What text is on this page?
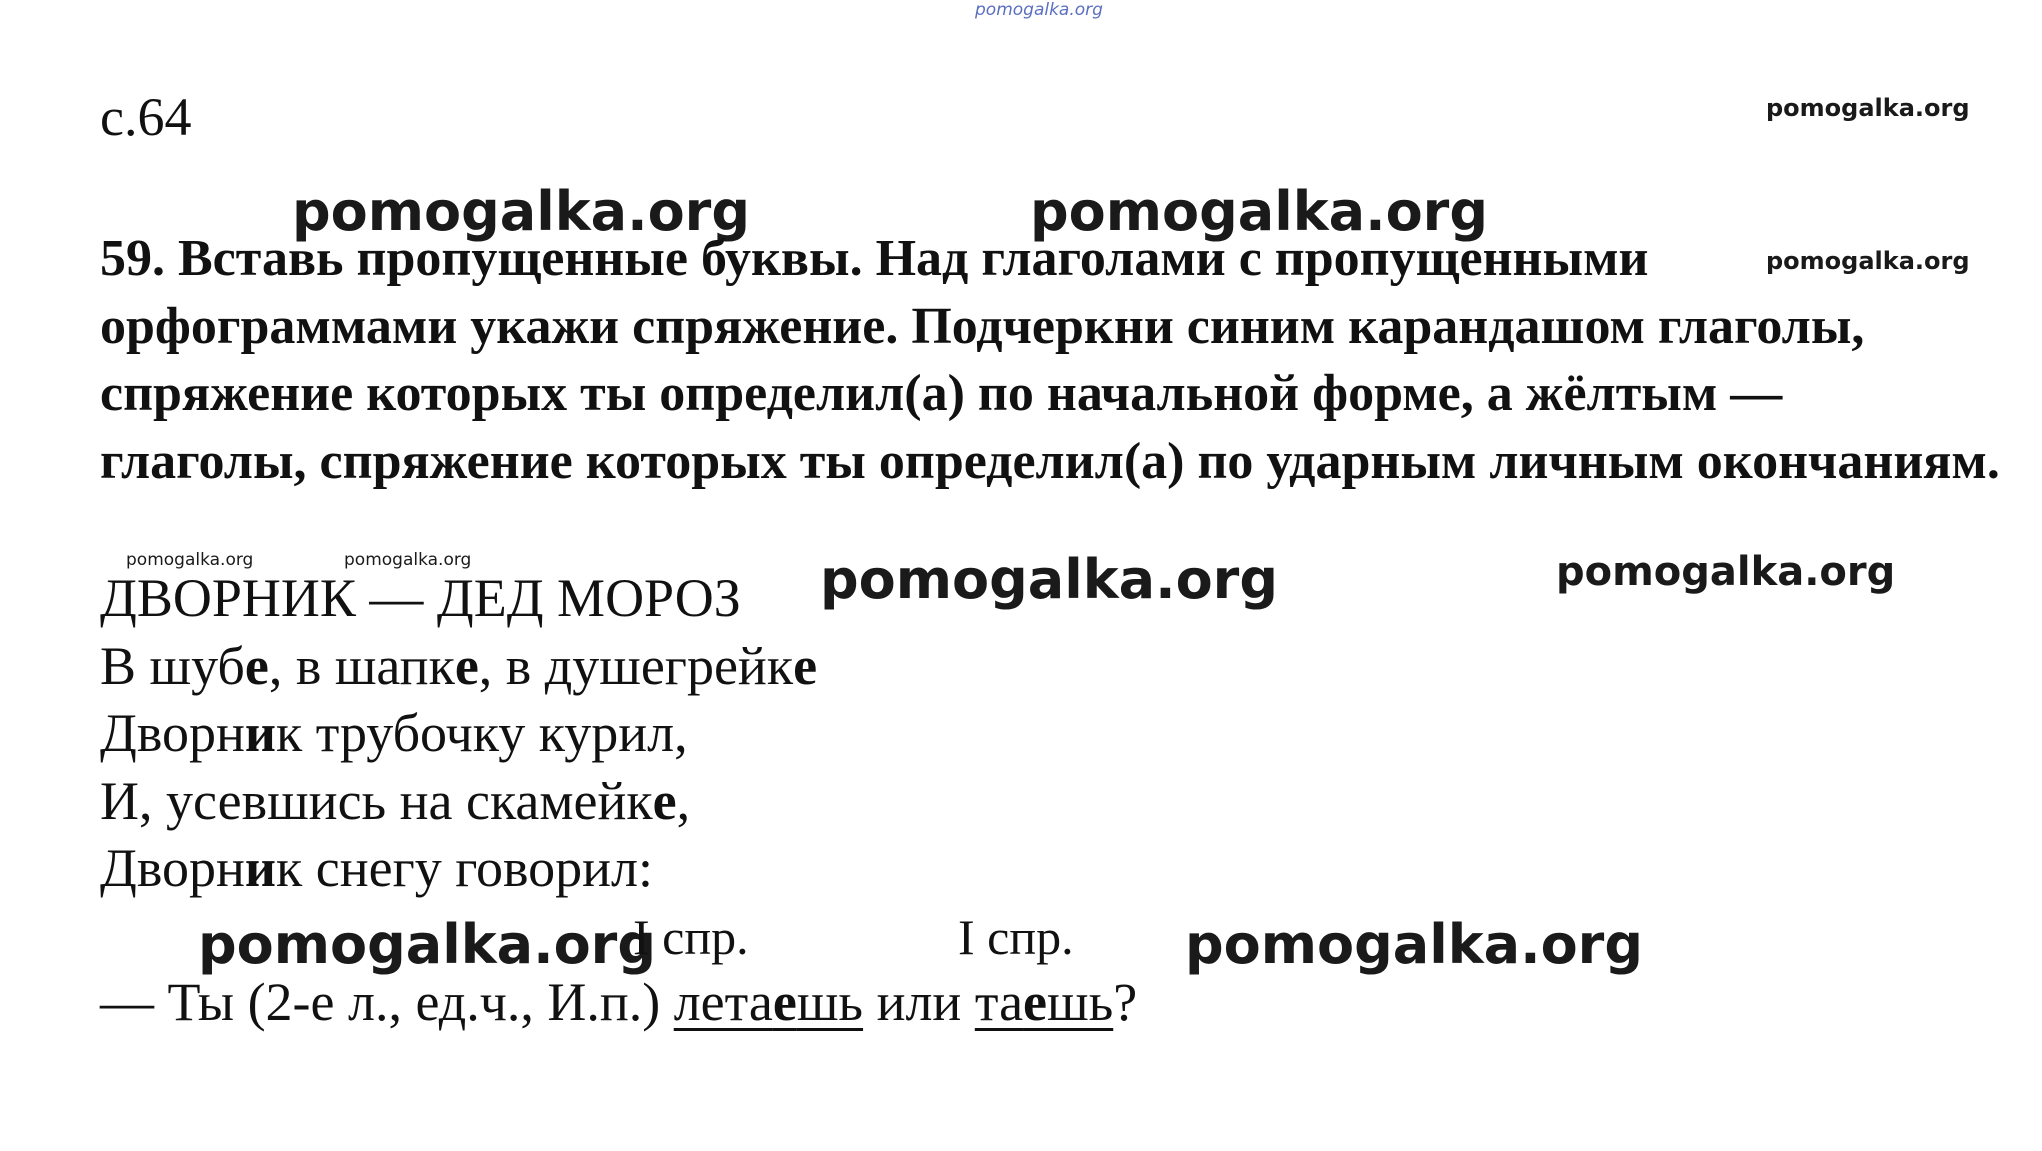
pomogalka.org
pomogalka.org
pomogalka.org	pomogalka.org
pomogalka.org
pomogalka.org	pomogalka.org	pomogalka.org	pomogalka.org
pomogalka.org	pomogalka.org
с.64

59. Вставь пропущенные буквы. Над глаголами с пропущенными орфограммами укажи спряжение. Подчеркни синим карандашом глаголы, спряжение которых ты определил(а) по начальной форме, а жёлтым — глаголы, спряжение которых ты определил(а) по ударным личным окончаниям.

ДВОРНИК — ДЕД МОРОЗ
В шубе, в шапке, в душегрейке
Дворник трубочку курил,
И, усевшись на скамейке,
Дворник снегу говорил:
I спр.	I спр.
— Ты (2-е л., ед.ч., И.п.) летаешь или таешь?
